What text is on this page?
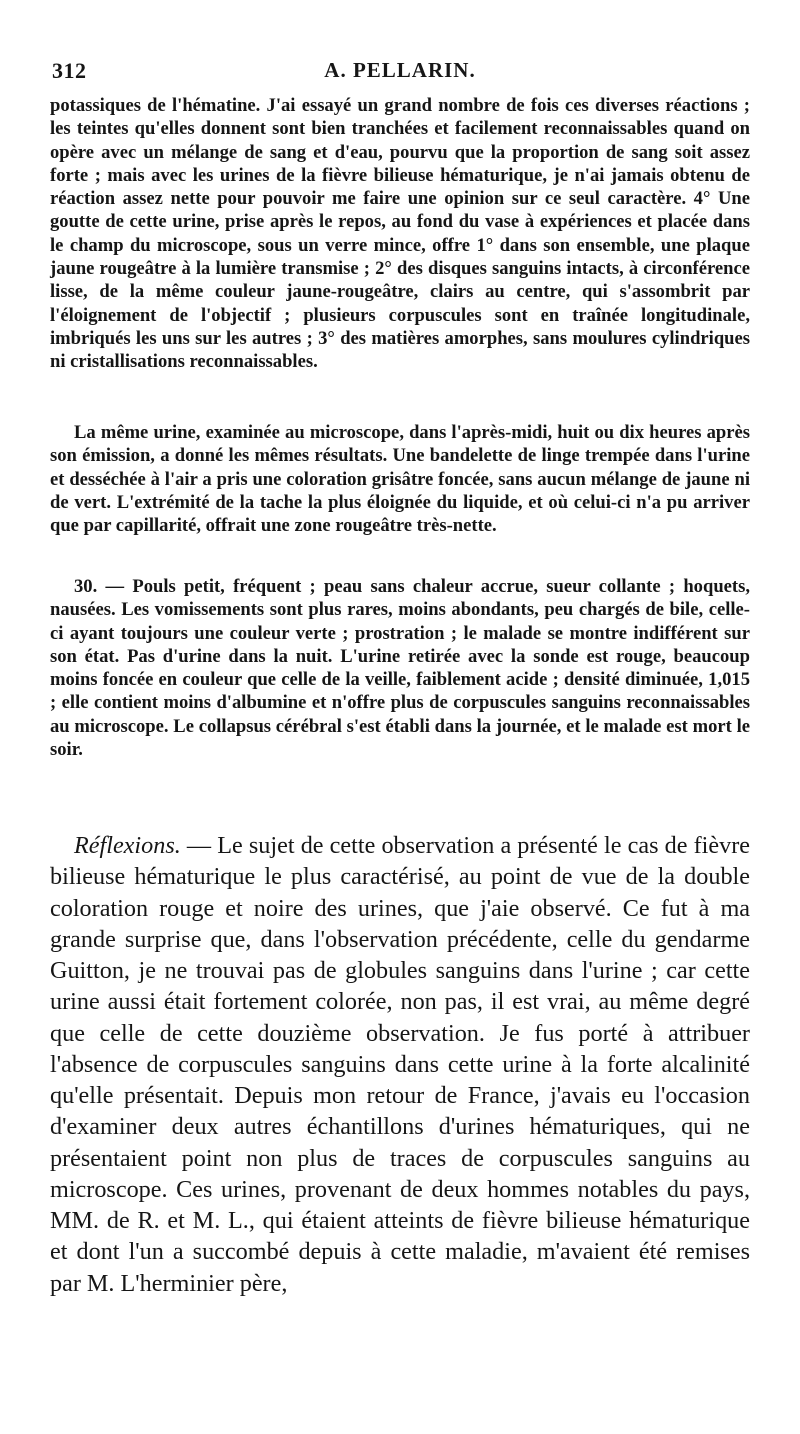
312	A. PELLARIN.

potassiques de l'hématine. J'ai essayé un grand nombre de fois ces diverses réactions ; les teintes qu'elles donnent sont bien tranchées et facilement reconnaissables quand on opère avec un mélange de sang et d'eau, pourvu que la proportion de sang soit assez forte ; mais avec les urines de la fièvre bilieuse hématurique, je n'ai jamais obtenu de réaction assez nette pour pouvoir me faire une opinion sur ce seul caractère. 4° Une goutte de cette urine, prise après le repos, au fond du vase à expériences et placée dans le champ du microscope, sous un verre mince, offre 1° dans son ensemble, une plaque jaune rougeâtre à la lumière transmise ; 2° des disques sanguins intacts, à circonférence lisse, de la même couleur jaune-rougeâtre, clairs au centre, qui s'assombrit par l'éloignement de l'objectif ; plusieurs corpuscules sont en traînée longitudinale, imbriqués les uns sur les autres ; 3° des matières amorphes, sans moulures cylindriques ni cristallisations reconnaissables.

La même urine, examinée au microscope, dans l'après-midi, huit ou dix heures après son émission, a donné les mêmes résultats. Une bandelette de linge trempée dans l'urine et desséchée à l'air a pris une coloration grisâtre foncée, sans aucun mélange de jaune ni de vert. L'extrémité de la tache la plus éloignée du liquide, et où celui-ci n'a pu arriver que par capillarité, offrait une zone rougeâtre très-nette.

30. — Pouls petit, fréquent ; peau sans chaleur accrue, sueur collante ; hoquets, nausées. Les vomissements sont plus rares, moins abondants, peu chargés de bile, celle-ci ayant toujours une couleur verte ; prostration ; le malade se montre indifférent sur son état. Pas d'urine dans la nuit. L'urine retirée avec la sonde est rouge, beaucoup moins foncée en couleur que celle de la veille, faiblement acide ; densité diminuée, 1,015 ; elle contient moins d'albumine et n'offre plus de corpuscules sanguins reconnaissables au microscope. Le collapsus cérébral s'est établi dans la journée, et le malade est mort le soir.

Réflexions. — Le sujet de cette observation a présenté le cas de fièvre bilieuse hématurique le plus caractérisé, au point de vue de la double coloration rouge et noire des urines, que j'aie observé. Ce fut à ma grande surprise que, dans l'observation précédente, celle du gendarme Guitton, je ne trouvai pas de globules sanguins dans l'urine ; car cette urine aussi était fortement colorée, non pas, il est vrai, au même degré que celle de cette douzième observation. Je fus porté à attribuer l'absence de corpuscules sanguins dans cette urine à la forte alcalinité qu'elle présentait. Depuis mon retour de France, j'avais eu l'occasion d'examiner deux autres échantillons d'urines hématuriques, qui ne présentaient point non plus de traces de corpuscules sanguins au microscope. Ces urines, provenant de deux hommes notables du pays, MM. de R. et M. L., qui étaient atteints de fièvre bilieuse hématurique et dont l'un a succombé depuis à cette maladie, m'avaient été remises par M. L'herminier père,
